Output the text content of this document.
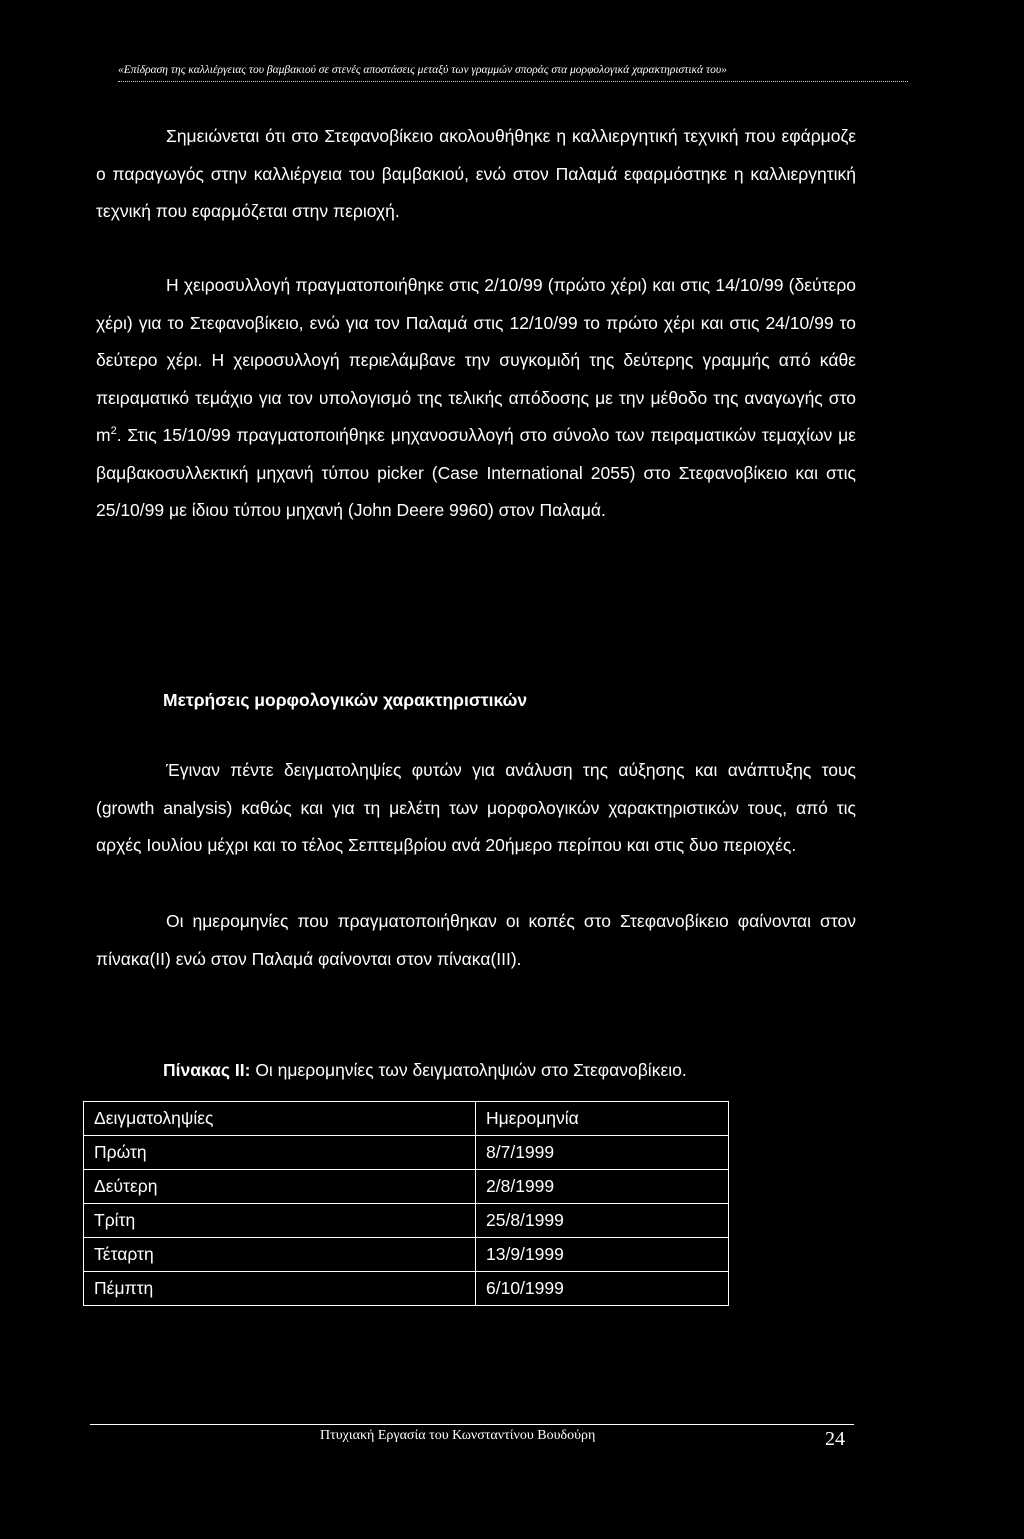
«Επίδραση της καλλιέργειας του βαμβακιού σε στενές αποστάσεις μεταξύ των γραμμών σποράς στα μορφολογικά χαρακτηριστικά του»

Σημειώνεται ότι στο Στεφανοβίκειο ακολουθήθηκε η καλλιεργητική τεχνική που εφάρμοζε ο παραγωγός στην καλλιέργεια του βαμβακιού, ενώ στον Παλαμά εφαρμόστηκε η καλλιεργητική τεχνική που εφαρμόζεται στην περιοχή.

Η χειροσυλλογή πραγματοποιήθηκε στις 2/10/99 (πρώτο χέρι) και στις 14/10/99 (δεύτερο χέρι) για το Στεφανοβίκειο, ενώ για τον Παλαμά στις 12/10/99 το πρώτο χέρι και στις 24/10/99 το δεύτερο χέρι. Η χειροσυλλογή περιελάμβανε την συγκομιδή της δεύτερης γραμμής από κάθε πειραματικό τεμάχιο για τον υπολογισμό της τελικής απόδοσης με την μέθοδο της αναγωγής στο $m^2$. Στις 15/10/99 πραγματοποιήθηκε μηχανοσυλλογή στο σύνολο των πειραματικών τεμαχίων με βαμβακοσυλλεκτική μηχανή τύπου picker (Case International 2055) στο Στεφανοβίκειο και στις 25/10/99 με ίδιου τύπου μηχανή (John Deere 9960) στον Παλαμά.

Μετρήσεις μορφολογικών χαρακτηριστικών

Έγιναν πέντε δειγματοληψίες φυτών για ανάλυση της αύξησης και ανάπτυξης τους (growth analysis) καθώς και για τη μελέτη των μορφολογικών χαρακτηριστικών τους, από τις αρχές Ιουλίου μέχρι και το τέλος Σεπτεμβρίου ανά 20ήμερο περίπου και στις δυο περιοχές.

Οι ημερομηνίες που πραγματοποιήθηκαν οι κοπές στο Στεφανοβίκειο φαίνονται στον πίνακα(ΙΙ) ενώ στον Παλαμά φαίνονται στον πίνακα(ΙΙΙ).

Πίνακας ΙΙ: Οι ημερομηνίες των δειγματοληψιών στο Στεφανοβίκειο.
Δειγματοληψίες	Ημερομηνία
Πρώτη	8/7/1999
Δεύτερη	2/8/1999
Τρίτη	25/8/1999
Τέταρτη	13/9/1999
Πέμπτη	6/10/1999
Πτυχιακή Εργασία του Κωνσταντίνου Βουδούρη	24
